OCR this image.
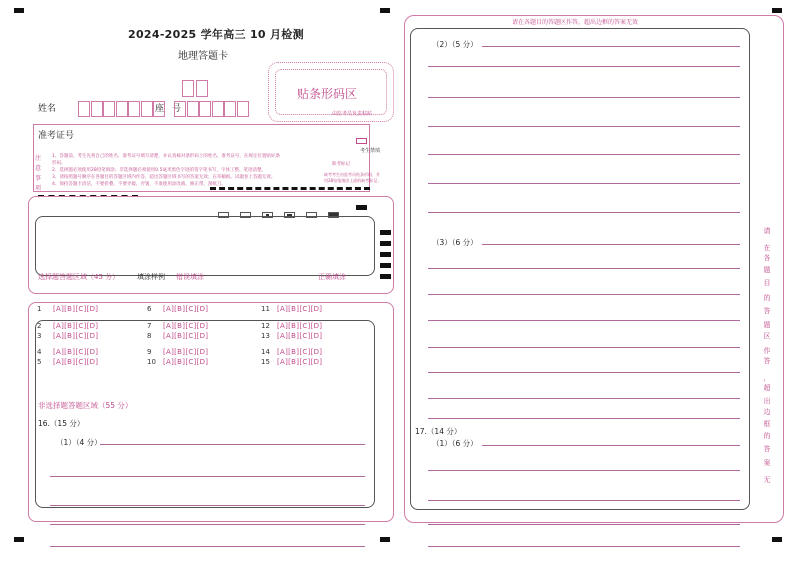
2024-2025 学年高三 10 月检测
地理答题卡
贴条形码区
由监考员负责粘贴
姓名	座号
准考证号
注
意
事
项
1、答题前，考生先将自己的姓名、准考证号填写清楚，并认真核对条形码上的姓名、准考证号，在规定位置贴好条形码。
2、选择题必须使用2B铅笔填涂；非选择题必须使用0.5毫米黑色字迹的签字笔书写，字体工整、笔迹清楚。
3、请按照题号顺序在各题目的答题区域内作答，超出答题区域书写的答案无效；在草稿纸、试题卷上答题无效。
4、保持答题卡清洁，不要折叠、不要弄破、弄皱，不准使用涂改液、修正带、刮纸刀。
考生禁填
缺考标记
缺考考生由监考员贴条形码，并用2B铅笔填涂上面的缺考标记。

选择题答题区域（45 分）	填涂样例 错误填涂	正确填涂
1 [A][B][C][D]	6 [A][B][C][D]	11 [A][B][C][D]
2 [A][B][C][D]	7 [A][B][C][D]	12 [A][B][C][D]
3 [A][B][C][D]	8 [A][B][C][D]	13 [A][B][C][D]
4 [A][B][C][D]	9 [A][B][C][D]	14 [A][B][C][D]
5 [A][B][C][D]	10 [A][B][C][D]	15 [A][B][C][D]
非选择题答题区域（55 分）
16.（15 分）
（1）（4 分）
请在各题目的答题区作答，超出边框的答案无效
（2）（5 分）
（3）（6 分）
17.（14 分）
（1）（6 分）
请
在
各
题
目
的
答
题
区
作
答
，
超
出
边
框
的
答
案
无
